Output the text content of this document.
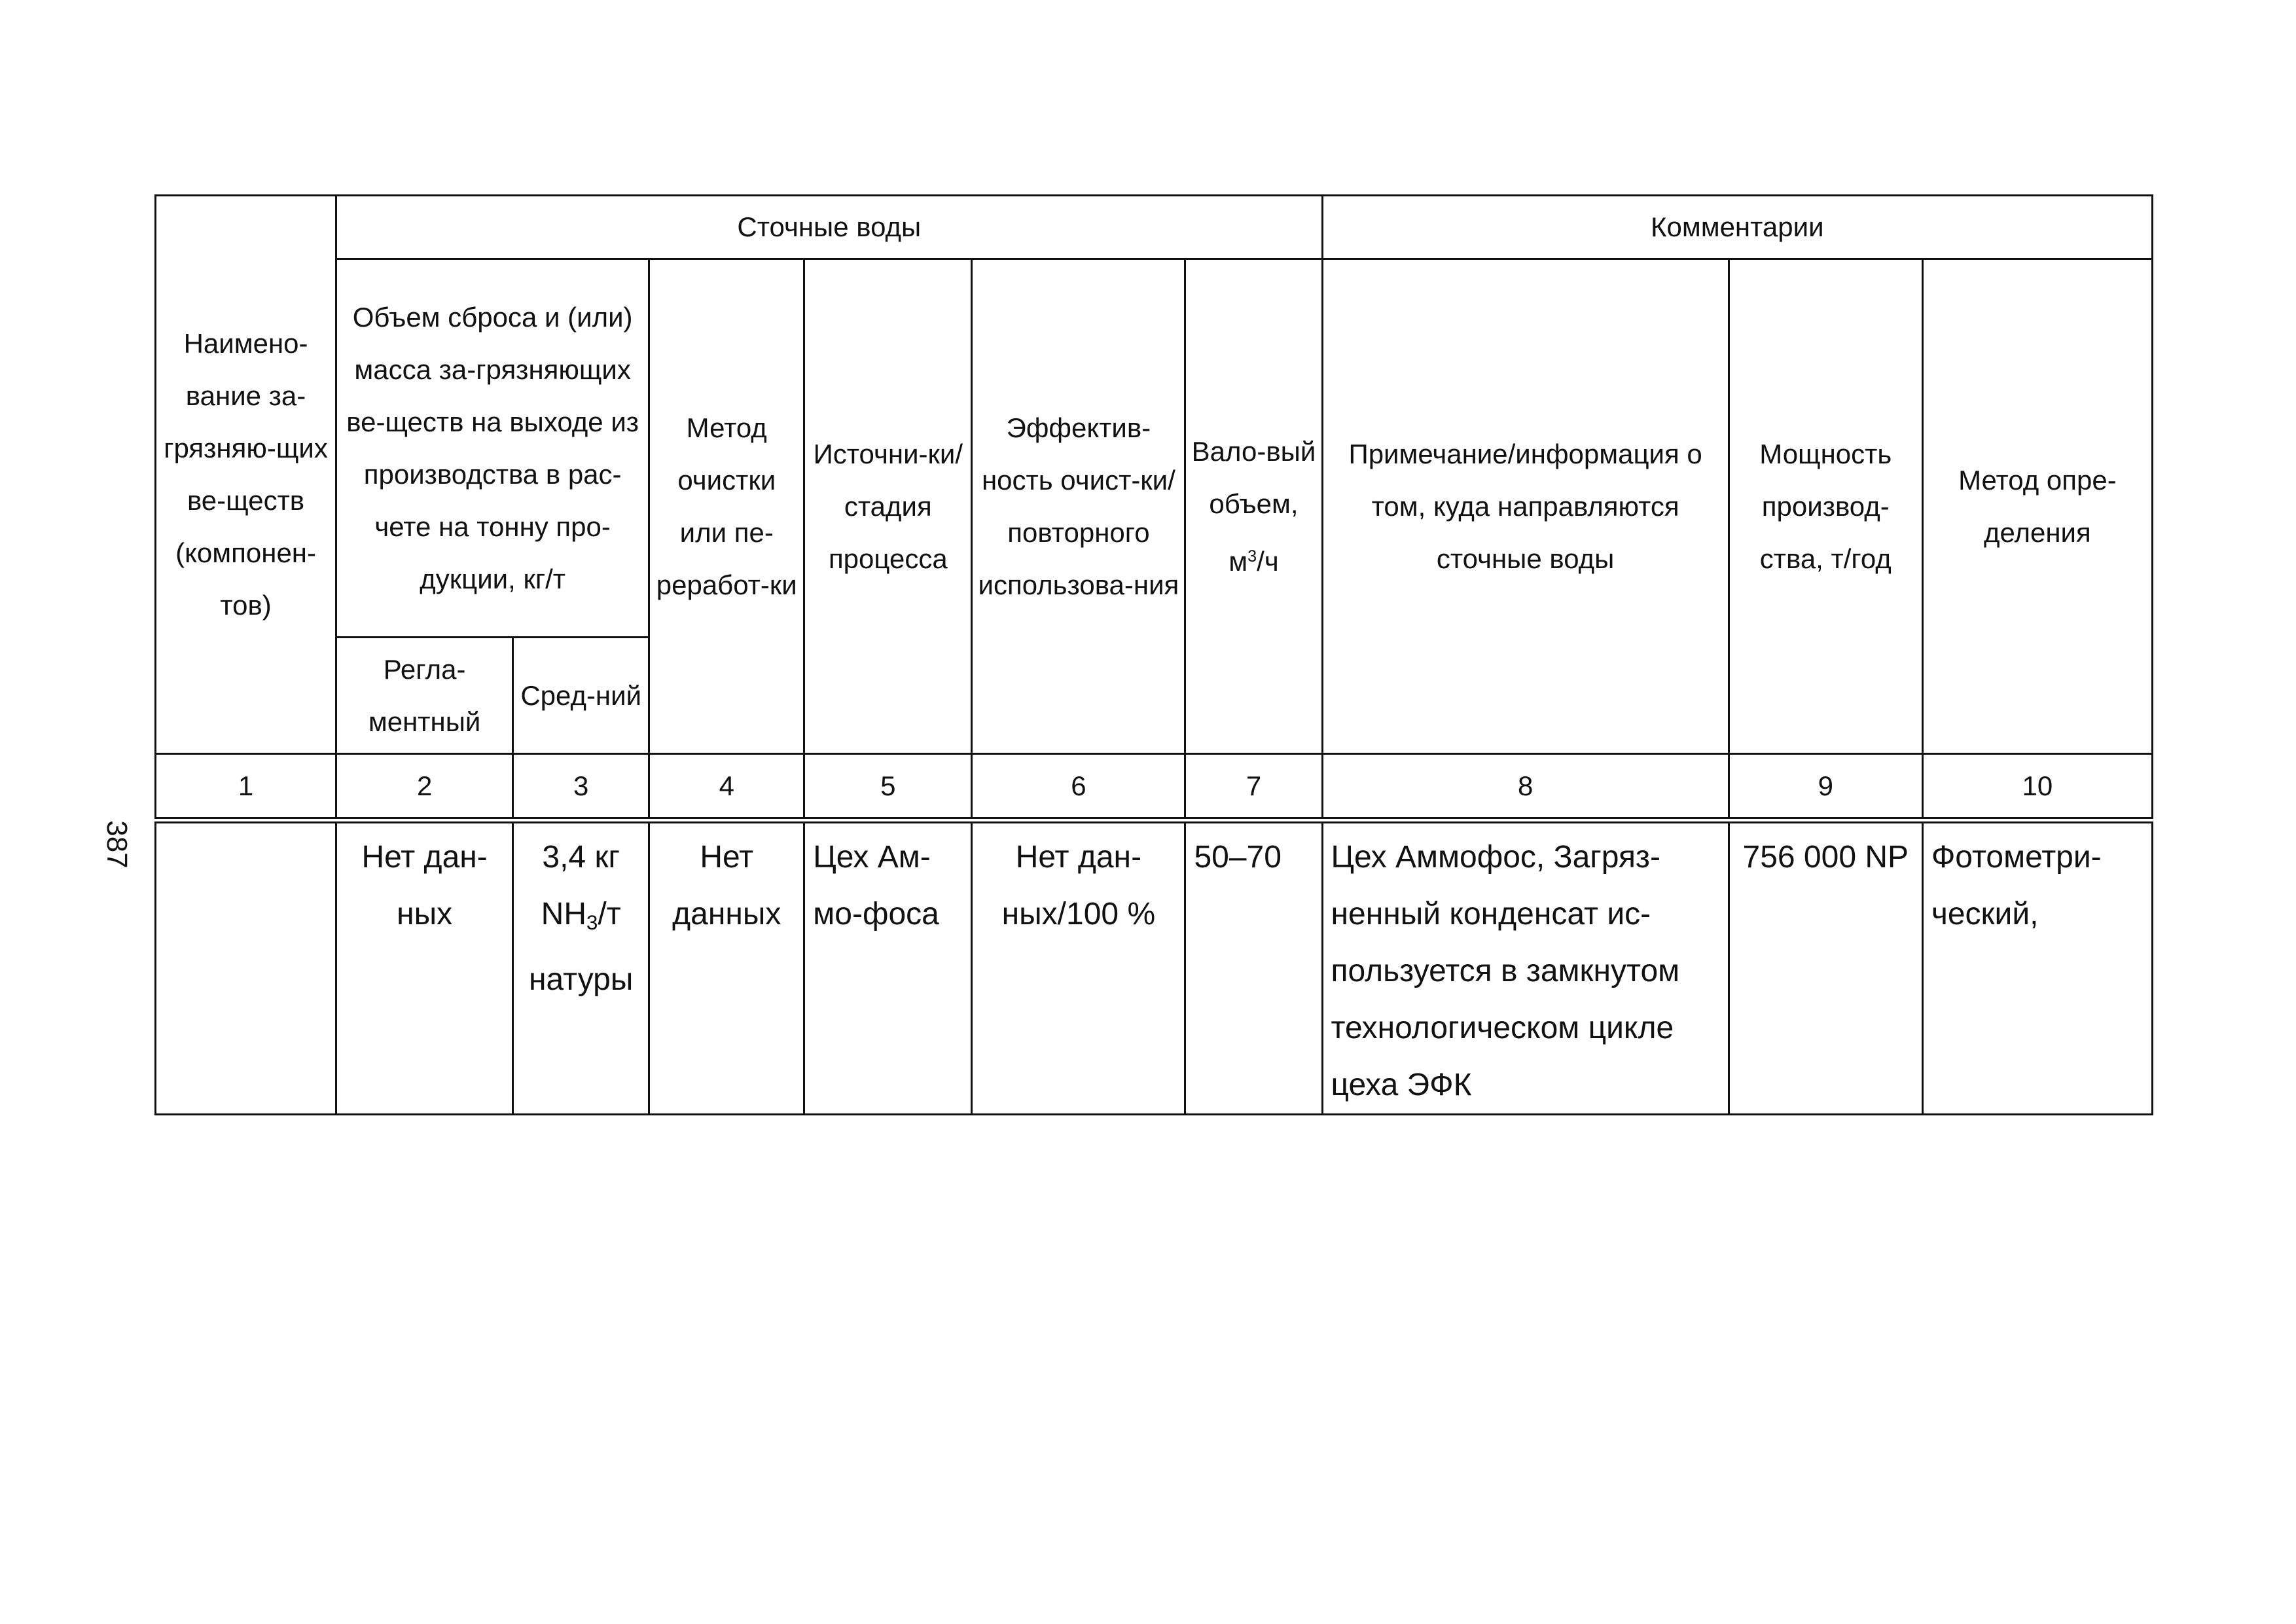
387
Наимено-вание за-грязняю-щих ве-ществ (компонен-тов)	Сточные воды						Комментарии		
	Объем сброса и (или) масса за-грязняющих ве-ществ на выходе из производства в рас-чете на тонну про-дукции, кг/т		Метод очистки или пе-реработ-ки	Источни-ки/стадия процесса	Эффектив-ность очист-ки/повторного использова-ния	Вало-вый объем, $м^3/ч$	Примечание/информация о том, куда направляются сточные воды	Мощность производ-ства, т/год	Метод опре-деления
	Регла-ментный	Сред-ний							
1	2	3	4	5	6	7	8	9	10
	Нет дан-ных	3,4 кг $NH_3/т$ натуры	Нет данных	Цех Ам-мо-фоса	Нет дан-ных/100 %	50–70	Цех Аммофос, Загряз-ненный конденсат ис-пользуется в замкнутом технологическом цикле цеха ЭФК	756 000 NP	Фотометри-ческий,
